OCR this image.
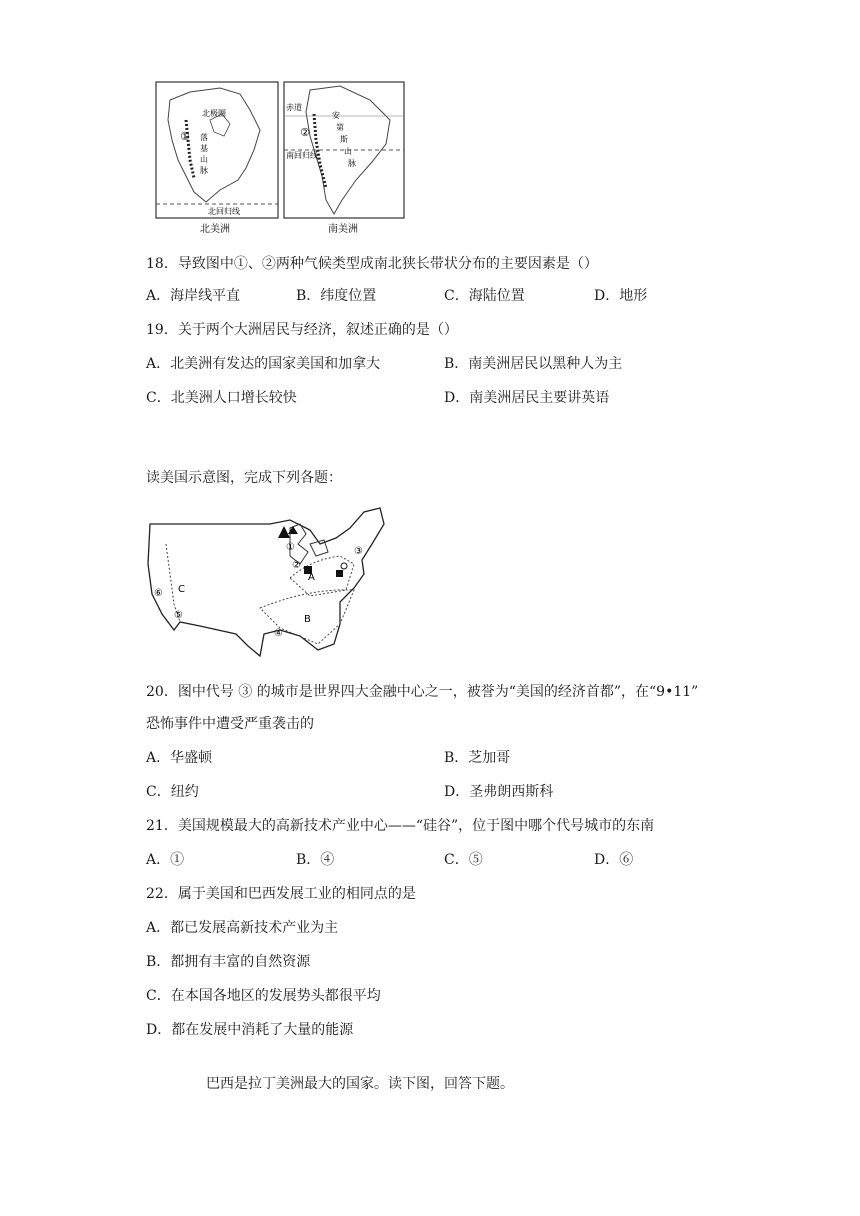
①
北极圈
落
基
山
脉
北回归线
赤道
②
南回归线
安
第
斯
山
脉
北美洲	南美洲
18．导致图中①、②两种气候类型成南北狭长带状分布的主要因素是（）
A．海岸线平直	B．纬度位置	C．海陆位置	D．地形
19．关于两个大洲居民与经济，叙述正确的是（）
A．北美洲有发达的国家美国和加拿大	B．南美洲居民以黑种人为主
C．北美洲人口增长较快	D．南美洲居民主要讲英语
读美国示意图，完成下列各题：
①
②
③
④
⑤
⑥
A
B
C
20．图中代号 ③ 的城市是世界四大金融中心之一，被誉为“美国的经济首都”，在“9•11”
恐怖事件中遭受严重袭击的
A．华盛顿	B．芝加哥
C．纽约	D．圣弗朗西斯科
21．美国规模最大的高新技术产业中心——“硅谷”，位于图中哪个代号城市的东南
A．①	B．④	C．⑤	D．⑥
22．属于美国和巴西发展工业的相同点的是
A．都已发展高新技术产业为主
B．都拥有丰富的自然资源
C．在本国各地区的发展势头都很平均
D．都在发展中消耗了大量的能源
巴西是拉丁美洲最大的国家。读下图，回答下题。
